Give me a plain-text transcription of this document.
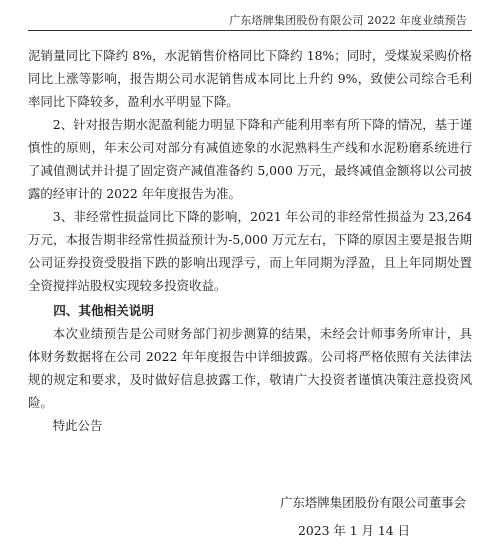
广东塔牌集团股份有限公司 2022 年度业绩预告

泥销量同比下降约 8%，水泥销售价格同比下降约 18%；同时，受煤炭采购价格同比上涨等影响，报告期公司水泥销售成本同比上升约 9%，致使公司综合毛利率同比下降较多，盈利水平明显下降。

2、针对报告期水泥盈利能力明显下降和产能利用率有所下降的情况，基于谨慎性的原则，年末公司对部分有减值迹象的水泥熟料生产线和水泥粉磨系统进行了减值测试并计提了固定资产减值准备约 5,000 万元，最终减值金额将以公司披露的经审计的 2022 年年度报告为准。

3、非经常性损益同比下降的影响，2021 年公司的非经常性损益为 23,264 万元，本报告期非经常性损益预计为-5,000 万元左右，下降的原因主要是报告期公司证券投资受股指下跌的影响出现浮亏，而上年同期为浮盈，且上年同期处置全资搅拌站股权实现较多投资收益。

四、其他相关说明

本次业绩预告是公司财务部门初步测算的结果，未经会计师事务所审计，具体财务数据将在公司 2022 年年度报告中详细披露。公司将严格依照有关法律法规的规定和要求，及时做好信息披露工作，敬请广大投资者谨慎决策注意投资风险。

特此公告

广东塔牌集团股份有限公司董事会
2023 年 1 月 14 日
